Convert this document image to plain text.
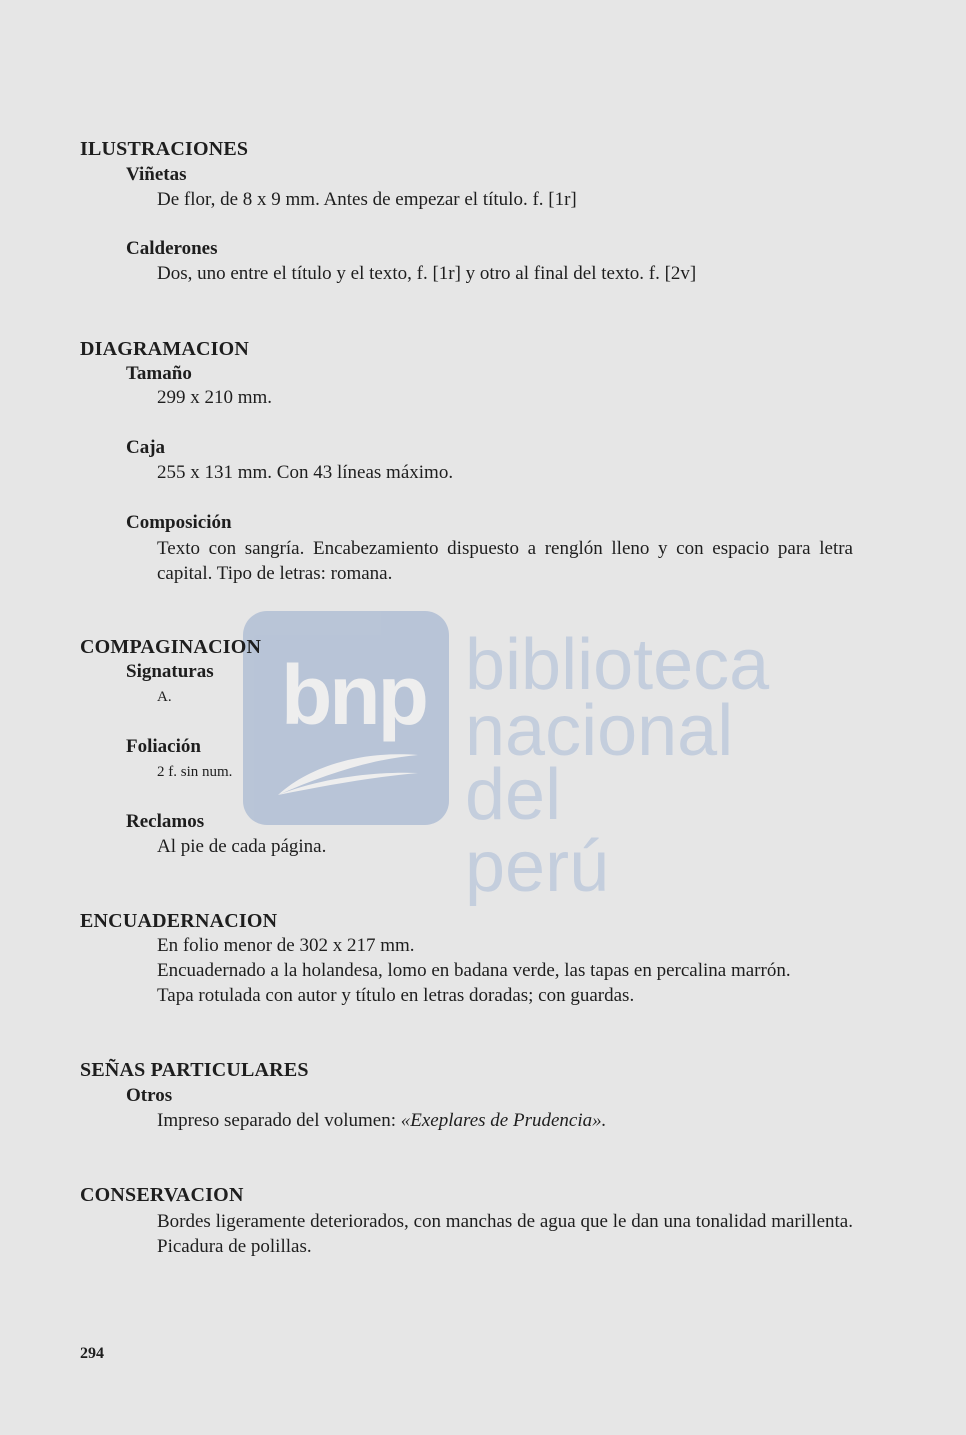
bnp biblioteca
nacional
del perú
ILUSTRACIONES
Viñetas
De flor, de 8 x 9 mm. Antes de empezar el título. f. [1r]
Calderones
Dos, uno entre el título y el texto, f. [1r] y otro al final del texto. f. [2v]
DIAGRAMACION
Tamaño
299 x 210 mm.
Caja
255 x 131 mm. Con 43 líneas máximo.
Composición
Texto con sangría. Encabezamiento dispuesto a renglón lleno y con espacio para letra capital. Tipo de letras: romana.
COMPAGINACION
Signaturas
A.
Foliación
2 f. sin num.
Reclamos
Al pie de cada página.
ENCUADERNACION
En folio menor de 302 x 217 mm.
Encuadernado a la holandesa, lomo en badana verde, las tapas en percalina marrón.
Tapa rotulada con autor y título en letras doradas; con guardas.
SEÑAS PARTICULARES
Otros
Impreso separado del volumen: «Exeplares de Prudencia».
CONSERVACION
Bordes ligeramente deteriorados, con manchas de agua que le dan una tonalidad marillenta. Picadura de polillas.
294
